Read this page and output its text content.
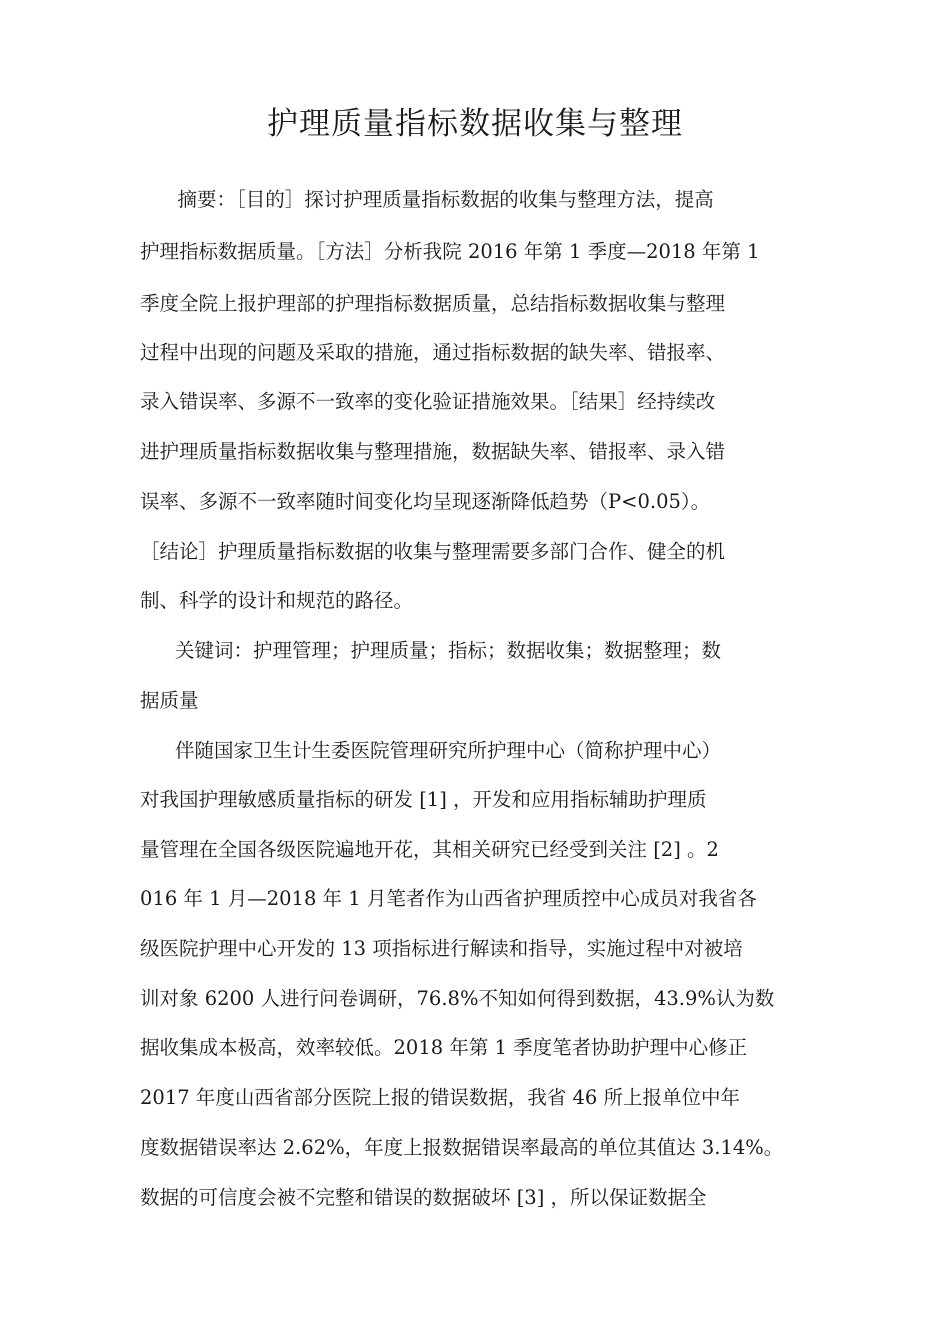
护理质量指标数据收集与整理
　摘要：［目的］探讨护理质量指标数据的收集与整理方法，提高
护理指标数据质量。［方法］分析我院 2016 年第 1 季度—2018 年第 1
季度全院上报护理部的护理指标数据质量，总结指标数据收集与整理
过程中出现的问题及采取的措施，通过指标数据的缺失率、错报率、
录入错误率、多源不一致率的变化验证措施效果。［结果］经持续改
进护理质量指标数据收集与整理措施，数据缺失率、错报率、录入错
误率、多源不一致率随时间变化均呈现逐渐降低趋势（P<0.05）。
［结论］护理质量指标数据的收集与整理需要多部门合作、健全的机
制、科学的设计和规范的路径。
关键词：护理管理；护理质量；指标；数据收集；数据整理；数
据质量
伴随国家卫生计生委医院管理研究所护理中心（简称护理中心）
对我国护理敏感质量指标的研发 [1] ，开发和应用指标辅助护理质
量管理在全国各级医院遍地开花，其相关研究已经受到关注 [2] 。2
016 年 1 月—2018 年 1 月笔者作为山西省护理质控中心成员对我省各
级医院护理中心开发的 13 项指标进行解读和指导，实施过程中对被培
训对象 6200 人进行问卷调研，76.8%不知如何得到数据，43.9%认为数
据收集成本极高，效率较低。2018 年第 1 季度笔者协助护理中心修正
2017 年度山西省部分医院上报的错误数据，我省 46 所上报单位中年
度数据错误率达 2.62%，年度上报数据错误率最高的单位其值达 3.14%。
数据的可信度会被不完整和错误的数据破坏 [3] ，所以保证数据全
